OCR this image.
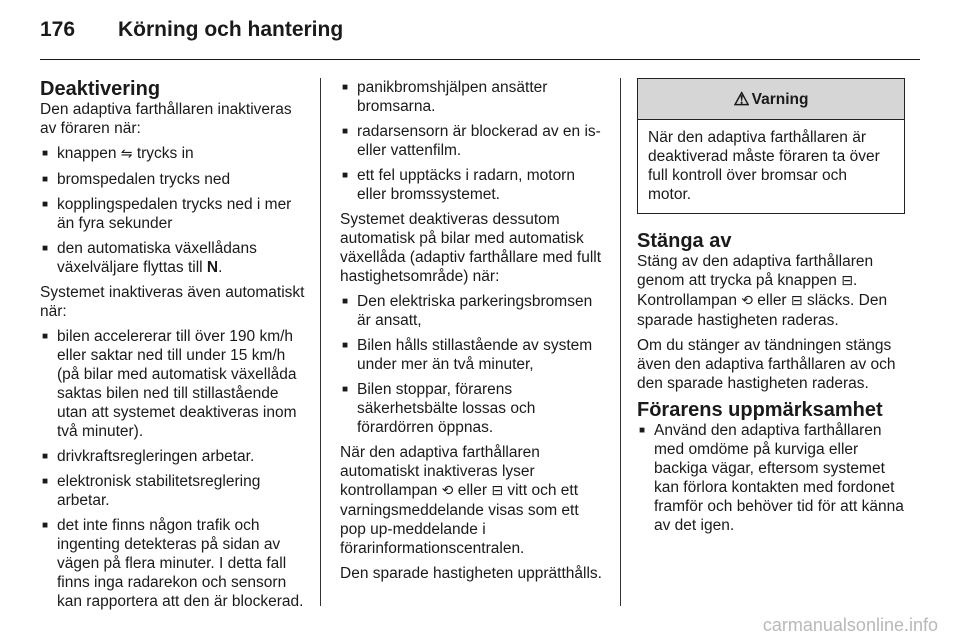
176 Körning och hantering
Deaktivering

Den adaptiva farthållaren inaktiveras av föraren när:

■ knappen ⇋ trycks in
■ bromspedalen trycks ned
■ kopplingspedalen trycks ned i mer än fyra sekunder
■ den automatiska växellådans växelväljare flyttas till N.

Systemet inaktiveras även automatiskt när:

■ bilen accelererar till över 190 km/h eller saktar ned till under 15 km/h (på bilar med automatisk växellåda saktas bilen ned till stillastående utan att systemet deaktiveras inom två minuter).
■ drivkraftsregleringen arbetar.
■ elektronisk stabilitetsreglering arbetar.
■ det inte finns någon trafik och ingenting detekteras på sidan av vägen på flera minuter. I detta fall finns inga radarekon och sensorn kan rapportera att den är blockerad.
■ panikbromshjälpen ansätter bromsarna.
■ radarsensorn är blockerad av en is- eller vattenfilm.
■ ett fel upptäcks i radarn, motorn eller bromssystemet.

Systemet deaktiveras dessutom automatisk på bilar med automatisk växellåda (adaptiv farthållare med fullt hastighetsområde) när:

■ Den elektriska parkeringsbromsen är ansatt,
■ Bilen hålls stillastående av system under mer än två minuter,
■ Bilen stoppar, förarens säkerhetsbälte lossas och förardörren öppnas.

När den adaptiva farthållaren automatiskt inaktiveras lyser kontrollampan ⟲ eller ⊟ vitt och ett varningsmeddelande visas som ett pop up-meddelande i förarinformationscentralen.

Den sparade hastigheten upprätthålls.

⚠ Varning
När den adaptiva farthållaren är deaktiverad måste föraren ta över full kontroll över bromsar och motor.
Stänga av

Stäng av den adaptiva farthållaren genom att trycka på knappen ⊟. Kontrollampan ⟲ eller ⊟ släcks. Den sparade hastigheten raderas.

Om du stänger av tändningen stängs även den adaptiva farthållaren av och den sparade hastigheten raderas.

Förarens uppmärksamhet
■ Använd den adaptiva farthållaren med omdöme på kurviga eller backiga vägar, eftersom systemet kan förlora kontakten med fordonet framför och behöver tid för att känna av det igen.
carmanualsonline.info
